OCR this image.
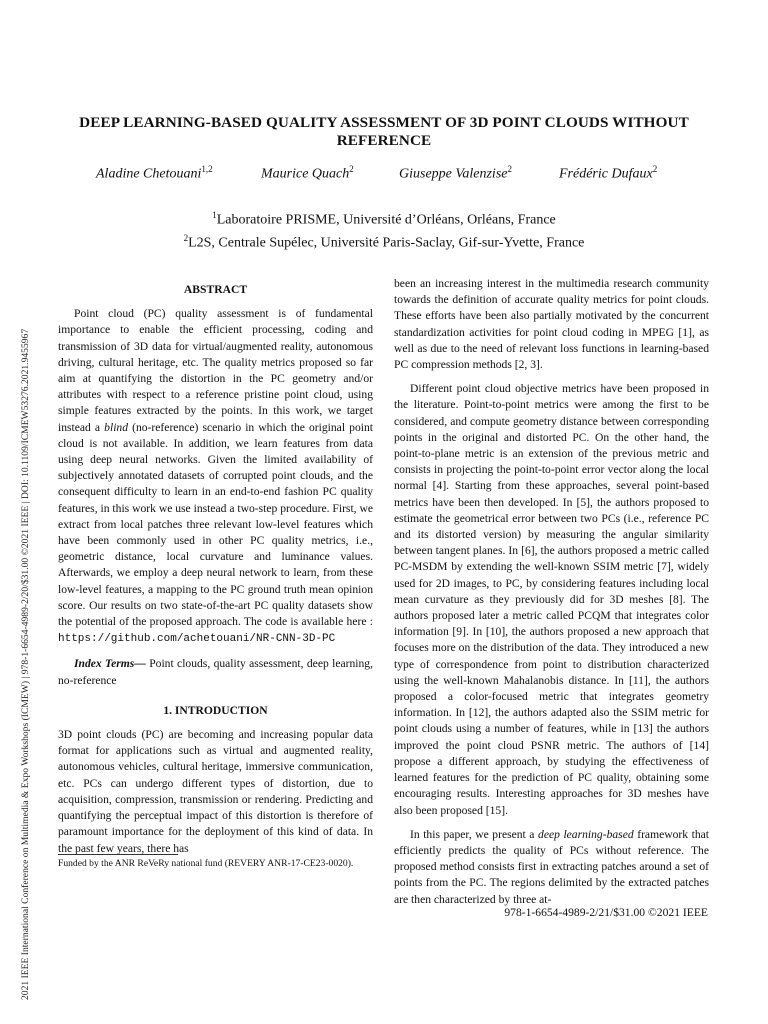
2021 IEEE International Conference on Multimedia & Expo Workshops (ICMEW) | 978-1-6654-4989-2/20/$31.00 ©2021 IEEE | DOI: 10.1109/ICMEW53276.2021.9455967
DEEP LEARNING-BASED QUALITY ASSESSMENT OF 3D POINT CLOUDS WITHOUT
REFERENCE
Aladine Chetouani$^{1,2}$	Maurice Quach$^2$	Giuseppe Valenzise$^2$	Frédéric Dufaux$^2$
$^1$Laboratoire PRISME, Université d’Orléans, Orléans, France
$^2$L2S, Centrale Supélec, Université Paris-Saclay, Gif-sur-Yvette, France
ABSTRACT

Point cloud (PC) quality assessment is of fundamental importance to enable the efficient processing, coding and transmission of 3D data for virtual/augmented reality, autonomous driving, cultural heritage, etc. The quality metrics proposed so far aim at quantifying the distortion in the PC geometry and/or attributes with respect to a reference pristine point cloud, using simple features extracted by the points. In this work, we target instead a blind (no-reference) scenario in which the original point cloud is not available. In addition, we learn features from data using deep neural networks. Given the limited availability of subjectively annotated datasets of corrupted point clouds, and the consequent difficulty to learn in an end-to-end fashion PC quality features, in this work we use instead a two-step procedure. First, we extract from local patches three relevant low-level features which have been commonly used in other PC quality metrics, i.e., geometric distance, local curvature and luminance values. Afterwards, we employ a deep neural network to learn, from these low-level features, a mapping to the PC ground truth mean opinion score. Our results on two state-of-the-art PC quality datasets show the potential of the proposed approach. The code is available here : https://github.com/achetouani/NR-CNN-3D-PC

Index Terms— Point clouds, quality assessment, deep learning, no-reference

1. INTRODUCTION

3D point clouds (PC) are becoming and increasing popular data format for applications such as virtual and augmented reality, autonomous vehicles, cultural heritage, immersive communication, etc. PCs can undergo different types of distortion, due to acquisition, compression, transmission or rendering. Predicting and quantifying the perceptual impact of this distortion is therefore of paramount importance for the deployment of this kind of data. In the past few years, there has

Funded by the ANR ReVeRy national fund (REVERY ANR-17-CE23-0020).

been an increasing interest in the multimedia research community towards the definition of accurate quality metrics for point clouds. These efforts have been also partially motivated by the concurrent standardization activities for point cloud coding in MPEG [1], as well as due to the need of relevant loss functions in learning-based PC compression methods [2, 3].

Different point cloud objective metrics have been proposed in the literature. Point-to-point metrics were among the first to be considered, and compute geometry distance between corresponding points in the original and distorted PC. On the other hand, the point-to-plane metric is an extension of the previous metric and consists in projecting the point-to-point error vector along the local normal [4]. Starting from these approaches, several point-based metrics have been then developed. In [5], the authors proposed to estimate the geometrical error between two PCs (i.e., reference PC and its distorted version) by measuring the angular similarity between tangent planes. In [6], the authors proposed a metric called PC-MSDM by extending the well-known SSIM metric [7], widely used for 2D images, to PC, by considering features including local mean curvature as they previously did for 3D meshes [8]. The authors proposed later a metric called PCQM that integrates color information [9]. In [10], the authors proposed a new approach that focuses more on the distribution of the data. They introduced a new type of correspondence from point to distribution characterized using the well-known Mahalanobis distance. In [11], the authors proposed a color-focused metric that integrates geometry information. In [12], the authors adapted also the SSIM metric for point clouds using a number of features, while in [13] the authors improved the point cloud PSNR metric. The authors of [14] propose a different approach, by studying the effectiveness of learned features for the prediction of PC quality, obtaining some encouraging results. Interesting approaches for 3D meshes have also been proposed [15].

In this paper, we present a deep learning-based framework that efficiently predicts the quality of PCs without reference. The proposed method consists first in extracting patches around a set of points from the PC. The regions delimited by the extracted patches are then characterized by three at-

978-1-6654-4989-2/21/$31.00 ©2021 IEEE
